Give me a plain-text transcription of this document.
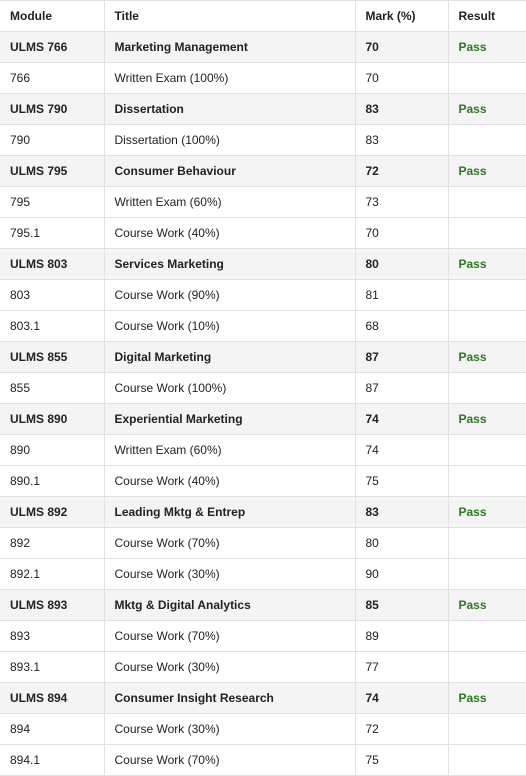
Module	Title	Mark (%)	Result
ULMS 766	Marketing Management	70	Pass
766	Written Exam (100%)	70	
ULMS 790	Dissertation	83	Pass
790	Dissertation (100%)	83	
ULMS 795	Consumer Behaviour	72	Pass
795	Written Exam (60%)	73	
795.1	Course Work (40%)	70	
ULMS 803	Services Marketing	80	Pass
803	Course Work (90%)	81	
803.1	Course Work (10%)	68	
ULMS 855	Digital Marketing	87	Pass
855	Course Work (100%)	87	
ULMS 890	Experiential Marketing	74	Pass
890	Written Exam (60%)	74	
890.1	Course Work (40%)	75	
ULMS 892	Leading Mktg & Entrep	83	Pass
892	Course Work (70%)	80	
892.1	Course Work (30%)	90	
ULMS 893	Mktg & Digital Analytics	85	Pass
893	Course Work (70%)	89	
893.1	Course Work (30%)	77	
ULMS 894	Consumer Insight Research	74	Pass
894	Course Work (30%)	72	
894.1	Course Work (70%)	75	
